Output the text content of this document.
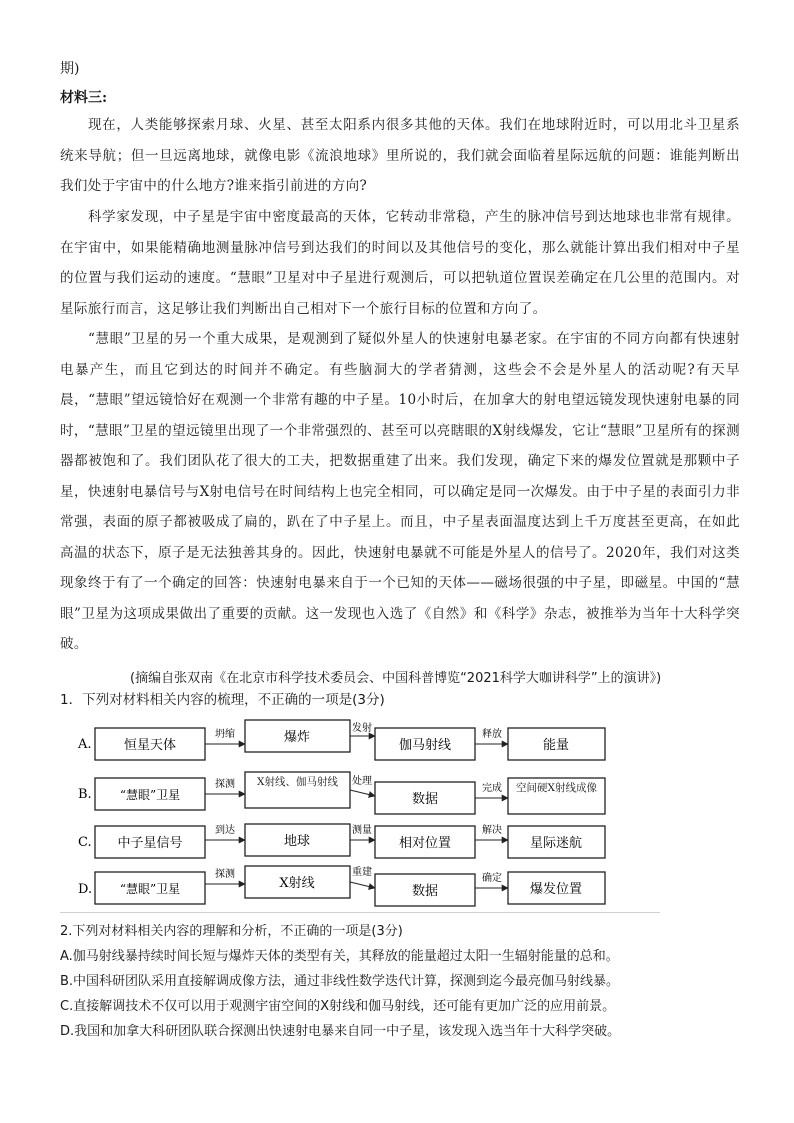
期)
材料三:

现在，人类能够探索月球、火星、甚至太阳系内很多其他的天体。我们在地球附近时，可以用北斗卫星系统来导航；但一旦远离地球，就像电影《流浪地球》里所说的，我们就会面临着星际远航的问题：谁能判断出我们处于宇宙中的什么地方?谁来指引前进的方向?

科学家发现，中子星是宇宙中密度最高的天体，它转动非常稳，产生的脉冲信号到达地球也非常有规律。在宇宙中，如果能精确地测量脉冲信号到达我们的时间以及其他信号的变化，那么就能计算出我们相对中子星的位置与我们运动的速度。“慧眼”卫星对中子星进行观测后，可以把轨道位置误差确定在几公里的范围内。对星际旅行而言，这足够让我们判断出自己相对下一个旅行目标的位置和方向了。

“慧眼”卫星的另一个重大成果，是观测到了疑似外星人的快速射电暴老家。在宇宙的不同方向都有快速射电暴产生，而且它到达的时间并不确定。有些脑洞大的学者猜测，这些会不会是外星人的活动呢?有天早晨，“慧眼”望远镜恰好在观测一个非常有趣的中子星。10小时后，在加拿大的射电望远镜发现快速射电暴的同时，“慧眼”卫星的望远镜里出现了一个非常强烈的、甚至可以亮瞎眼的X射线爆发，它让“慧眼”卫星所有的探测器都被饱和了。我们团队花了很大的工夫，把数据重建了出来。我们发现，确定下来的爆发位置就是那颗中子星，快速射电暴信号与X射电信号在时间结构上也完全相同，可以确定是同一次爆发。由于中子星的表面引力非常强，表面的原子都被吸成了扁的，趴在了中子星上。而且，中子星表面温度达到上千万度甚至更高，在如此高温的状态下，原子是无法独善其身的。因此，快速射电暴就不可能是外星人的信号了。2020年，我们对这类现象终于有了一个确定的回答：快速射电暴来自于一个已知的天体——磁场很强的中子星，即磁星。中国的“慧眼”卫星为这项成果做出了重要的贡献。这一发现也入选了《自然》和《科学》杂志，被推举为当年十大科学突破。

(摘编自张双南《在北京市科学技术委员会、中国科普博览“2021科学大咖讲科学”上的演讲》)
1．下列对材料相关内容的梳理，不正确的一项是(3分)
A. 恒星天体
坍缩	爆炸
发射
伽马射线
释放
能量
B. “慧眼”卫星
探测	X射线、伽马射线	处理
数据
完成	空间硬X射线成像
C. 中子星信号
到达
地球
测量
相对位置
解决
星际迷航
D. “慧眼”卫星
探测
X射线
重建
数据
确定
爆发位置
2.下列对材料相关内容的理解和分析，不正确的一项是(3分)
A.伽马射线暴持续时间长短与爆炸天体的类型有关，其释放的能量超过太阳一生辐射能量的总和。
B.中国科研团队采用直接解调成像方法，通过非线性数学迭代计算，探测到迄今最亮伽马射线暴。
C.直接解调技术不仅可以用于观测宇宙空间的X射线和伽马射线，还可能有更加广泛的应用前景。
D.我国和加拿大科研团队联合探测出快速射电暴来自同一中子星，该发现入选当年十大科学突破。
